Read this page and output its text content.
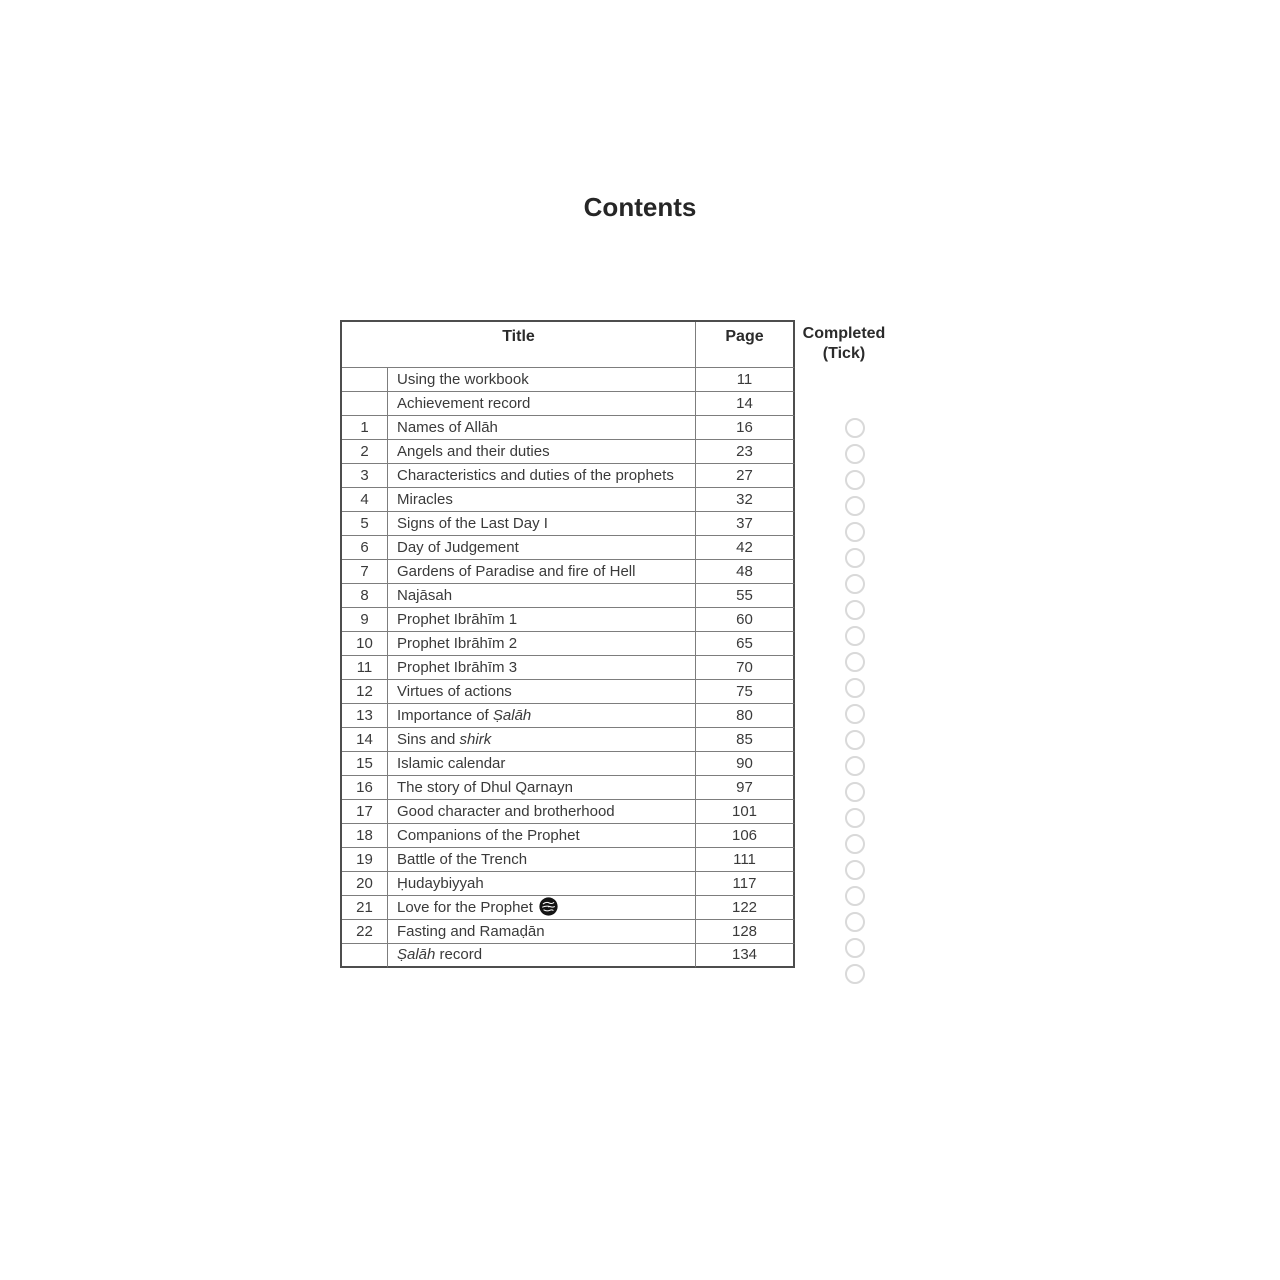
Contents
Title		Page
	Using the workbook	11
	Achievement record	14
1	Names of Allāh	16
2	Angels and their duties	23
3	Characteristics and duties of the prophets	27
4	Miracles	32
5	Signs of the Last Day I	37
6	Day of Judgement	42
7	Gardens of Paradise and fire of Hell	48
8	Najāsah	55
9	Prophet Ibrāhīm 1	60
10	Prophet Ibrāhīm 2	65
11	Prophet Ibrāhīm 3	70
12	Virtues of actions	75
13	Importance of Ṣalāh	80
14	Sins and shirk	85
15	Islamic calendar	90
16	The story of Dhul Qarnayn	97
17	Good character and brotherhood	101
18	Companions of the Prophet	106
19	Battle of the Trench	111
20	Ḥudaybiyyah	117
21	Love for the Prophet	122
22	Fasting and Ramaḍān	128
	Ṣalāh record	134
Completed
(Tick)
